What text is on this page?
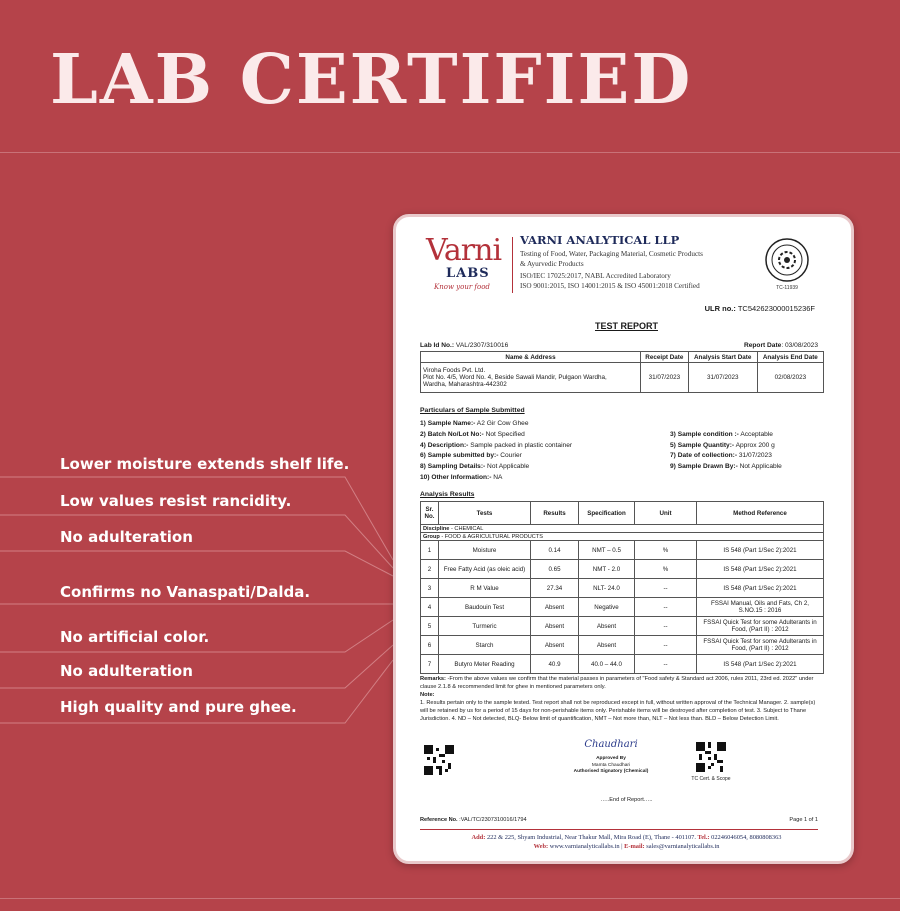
LAB CERTIFIED
Lower moisture extends shelf life.
Low values resist rancidity.
No adulteration
Confirms no Vanaspati/Dalda.
No artificial color.
No adulteration
High quality and pure ghee.
Varni
LABS
Know your food
VARNI ANALYTICAL LLP
Testing of Food, Water, Packaging Material, Cosmetic Products
& Ayurvedic Products
ISO/IEC 17025:2017, NABL Accredited Laboratory
ISO 9001:2015, ISO 14001:2015 & ISO 45001:2018 Certified	TC-11939
ULR no.: TC542623000015236F
TEST REPORT
Lab Id No.: VAL/2307/310016	Report Date: 03/08/2023
Name & Address	Receipt Date	Analysis Start Date	Analysis End Date

Viroha Foods Pvt. Ltd.
Plot No. 4/5, Word No. 4, Beside Sawali Mandir, Pulgaon Wardha,
Wardha, Maharashtra-442302	31/07/2023	31/07/2023	02/08/2023
Particulars of Sample Submitted
1) Sample Name:- A2 Gir Cow Ghee
2) Batch No/Lot No:- Not Specified	3) Sample condition :- Acceptable
4) Description:- Sample packed in plastic container	5) Sample Quantity:- Approx 200 g
6) Sample submitted by:- Courier	7) Date of collection:- 31/07/2023
8) Sampling Details:- Not Applicable	9) Sample Drawn By:- Not Applicable
10) Other Information:- NA
Analysis Results
Sr. No.	Tests	Results	Specification	Unit	Method Reference
Discipline - CHEMICAL					
Group - FOOD & AGRICULTURAL PRODUCTS					
1	Moisture	0.14	NMT – 0.5	%	IS 548 (Part 1/Sec 2):2021
2	Free Fatty Acid (as oleic acid)	0.65	NMT - 2.0	%	IS 548 (Part 1/Sec 2):2021
3	R M Value	27.34	NLT- 24.0	--	IS 548 (Part 1/Sec 2):2021
4	Baudouin Test	Absent	Negative	--	FSSAI Manual, Oils and Fats, Ch 2, S.NO.15 : 2016
5	Turmeric	Absent	Absent	--	FSSAI Quick Test for some Adulterants in Food, (Part II) : 2012
6	Starch	Absent	Absent	--	FSSAI Quick Test for some Adulterants in Food, (Part II) : 2012
7	Butyro Meter Reading	40.9	40.0 – 44.0	--	IS 548 (Part 1/Sec 2):2021
Remarks: -From the above values we confirm that the material passes in parameters of "Food safety & Standard act 2006, rules 2011, 23rd ed. 2022" under clause 2.1.8 & recommended limit for ghee in mentioned parameters only.
Note:
1. Results pertain only to the sample tested. Test report shall not be reproduced except in full, without written approval of the Technical Manager. 2. sample(s) will be retained by us for a period of 15 days for non-perishable items only. Perishable items will be destroyed after completion of test. 3. Subject to Thane Jurisdiction. 4. ND – Not detected, BLQ- Below limit of quantification, NMT – Not more than, NLT – Not less than. BLD – Below Detection Limit.
Chaudhari
Approved By
Mamta Chaudhari
Authorised Signatory (Chemical)
TC Cert. & Scope
…..End of Report…..
Reference No. :VAL/TC/2307310016/1794	Page 1 of 1
Add: 222 & 225, Shyam Industrial, Near Thakur Mall, Mira Road (E), Thane - 401107. Tel.: 02246046054, 8080808363
Web: www.varnianalyticallabs.in | E-mail: sales@varnianalyticallabs.in
